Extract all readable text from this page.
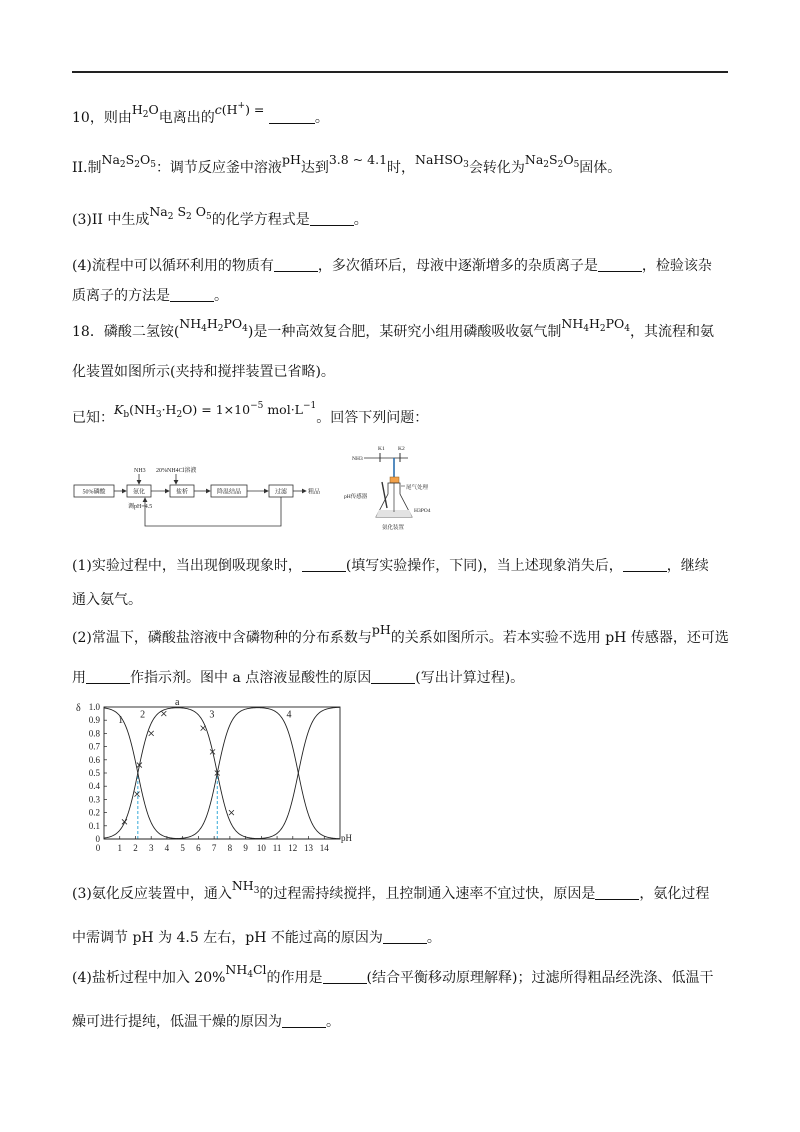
10，则由$H_2O$电离出的c(H+) = 。
II.制$Na_2S_2O_5$：调节反应釜中溶液pH达到3.8 ~ 4.1时，NaHSO$_3$会转化为$Na_2S_2O_5$固体。
(3)II 中生成$Na_2$ $S_2$ $O_5$的化学方程式是	。
(4)流程中可以循环利用的物质有	，多次循环后，母液中逐渐增多的杂质离子是	，检验该杂
质离子的方法是	。
18．磷酸二氢铵$(NH_4H_2PO_4)$是一种高效复合肥，某研究小组用磷酸吸收氨气制$NH_4H_2PO_4$，其流程和氨
化装置如图所示(夹持和搅拌装置已省略)。
已知：$K_b(NH_3\cdot H_2O) = 1\times 10^{-5}$ $mol\cdot L^{-1}$。回答下列问题：
50%磷酸	氨化	盐析	降温结晶	过滤	粗品
NH3 20%NH4Cl溶液
调pH=4.5
NH3
K1 K2
pH传感器
尾气处理
H3PO4
氨化装置
(1)实验过程中，当出现倒吸现象时，	(填写实验操作，下同)，当上述现象消失后，	，继续
通入氨气。
(2)常温下，磷酸盐溶液中含磷物种的分布系数与pH的关系如图所示。若本实验不选用 pH 传感器，还可选
用	作指示剂。图中 a 点溶液显酸性的原因	(写出计算过程)。
0
0.1
0.2
0.3
0.4
0.5
0.6
0.7
0.8
0.9
1.0
0 1 2 3 4 5 6 7 8 9 10 11 12 13 14
δ
pH
1 2	3	4
a
(3)氨化反应装置中，通入$NH_3$的过程需持续搅拌，且控制通入速率不宜过快，原因是	，氨化过程
中需调节 pH 为 4.5 左右，pH 不能过高的原因为	。
(4)盐析过程中加入 $20\%NH_4Cl$的作用是	(结合平衡移动原理解释)；过滤所得粗品经洗涤、低温干
燥可进行提纯，低温干燥的原因为	。
